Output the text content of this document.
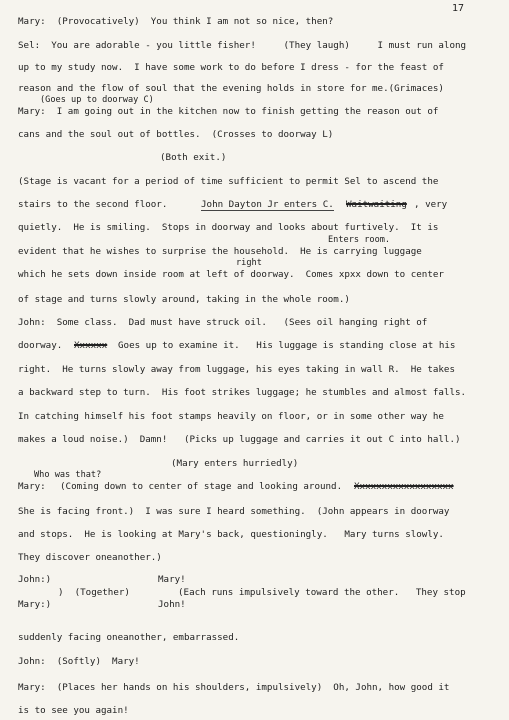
17
Mary:  (Provocatively)  You think I am not so nice, then?
Sel:  You are adorable - you little fisher!     (They laugh)     I must run along
up to my study now.  I have some work to do before I dress - for the feast of
reason and the flow of soul that the evening holds in store for me.(Grimaces)
(Goes up to doorway C)
Mary:  I am going out in the kitchen now to finish getting the reason out of
cans and the soul out of bottles.  (Crosses to doorway L)
(Both exit.)
(Stage is vacant for a period of time sufficient to permit Sel to ascend the
stairs to the second floor.	John Dayton Jr enters C. Waitwaiting , very
quietly.  He is smiling.  Stops in doorway and looks about furtively.  It is
Enters room.
evident that he wishes to surprise the household.  He is carrying luggage
right
which he sets down inside room at left of doorway.  Comes xpxx down to center
of stage and turns slowly around, taking in the whole room.)
John:  Some class.  Dad must have struck oil.   (Sees oil hanging right of
doorway. Xxxxxx Goes up to examine it.   His luggage is standing close at his
right.  He turns slowly away from luggage, his eyes taking in wall R.  He takes
a backward step to turn.  His foot strikes luggage; he stumbles and almost falls.
In catching himself his foot stamps heavily on floor, or in some other way he
makes a loud noise.)  Damn!   (Picks up luggage and carries it out C into hall.)
(Mary enters hurriedly)
Who was that?
Mary: (Coming down to center of stage and looking around. Xxxxxxxxxxxxxxxxxx
She is facing front.)  I was sure I heard something.  (John appears in doorway
and stops.  He is looking at Mary's back, questioningly.   Mary turns slowly.
They discover oneanother.)
John:)	Mary!
)  (Together)	(Each runs impulsively toward the other.   They stop
Mary:)	John!
suddenly facing oneanother, embarrassed.
John:  (Softly)  Mary!
Mary:  (Places her hands on his shoulders, impulsively)  Oh, John, how good it
is to see you again!
